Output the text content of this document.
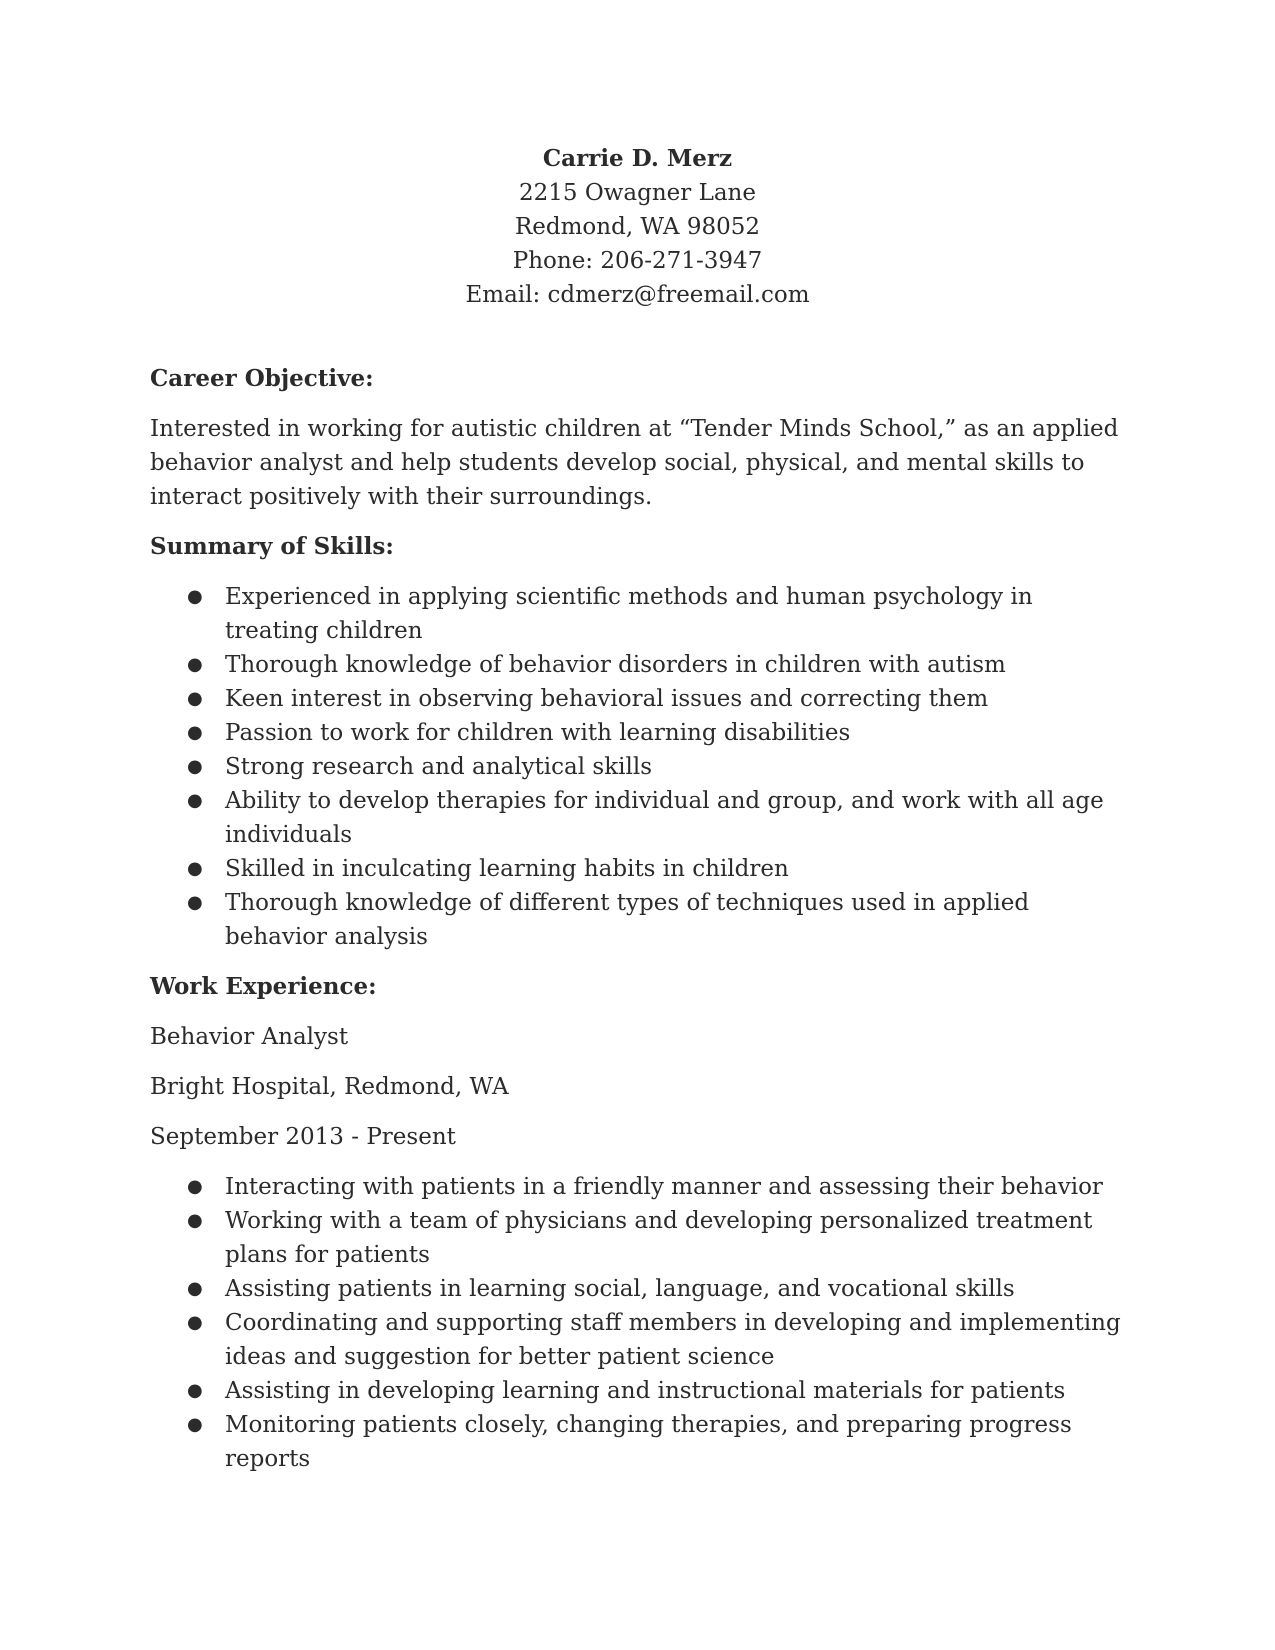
Carrie D. Merz
2215 Owagner Lane
Redmond, WA 98052
Phone: 206-271-3947
Email: cdmerz@freemail.com

Career Objective:

Interested in working for autistic children at “Tender Minds School,” as an applied behavior analyst and help students develop social, physical, and mental skills to interact positively with their surroundings.

Summary of Skills:

● Experienced in applying scientific methods and human psychology in treating children
● Thorough knowledge of behavior disorders in children with autism
● Keen interest in observing behavioral issues and correcting them
● Passion to work for children with learning disabilities
● Strong research and analytical skills
● Ability to develop therapies for individual and group, and work with all age individuals
● Skilled in inculcating learning habits in children
● Thorough knowledge of different types of techniques used in applied behavior analysis

Work Experience:

Behavior Analyst

Bright Hospital, Redmond, WA

September 2013 - Present

● Interacting with patients in a friendly manner and assessing their behavior
● Working with a team of physicians and developing personalized treatment plans for patients
● Assisting patients in learning social, language, and vocational skills
● Coordinating and supporting staff members in developing and implementing ideas and suggestion for better patient science
● Assisting in developing learning and instructional materials for patients
● Monitoring patients closely, changing therapies, and preparing progress reports
